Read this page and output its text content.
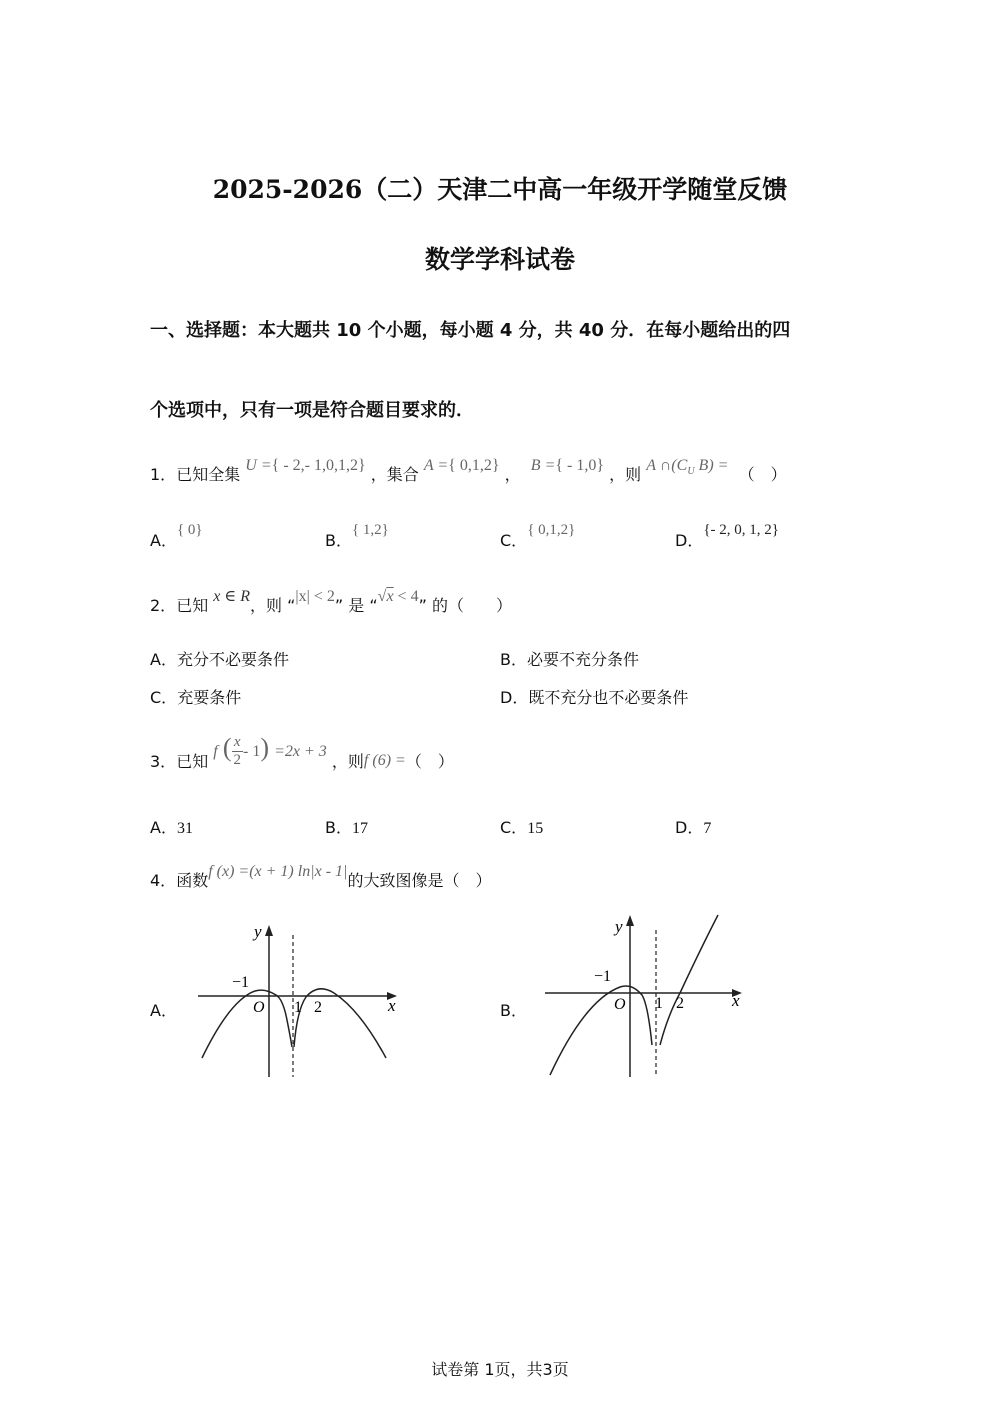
2025-2026（二）天津二中高一年级开学随堂反馈
数学学科试卷
一、选择题：本大题共 10 个小题，每小题 4 分，共 40 分．在每小题给出的四
个选项中，只有一项是符合题目要求的．
1．已知全集 U ={ - 2,- 1,0,1,2} ，集合 A ={ 0,1,2} ， B ={ - 1,0} ，则 A $\cap(C_U$ B) = （　）
A．{ 0}
B．{ 1,2}
C．{ 0,1,2}
D．{- 2, 0, 1, 2}
2．已知 x ∈ R，则 “|x| < 2” 是 “√x < 4” 的（　　）
A．充分不必要条件	B．必要不充分条件
C．充要条件	D．既不充分也不必要条件
3．已知 f ( $\frac{x}{2} - 1) =2x + 3$ ，则f (6) =（　）
A．31	B．17	C．15	D．7
4．函数f (x) =(x + 1) ln|x - 1|的大致图像是（　）
A．
y
x
O
−1
1 2	B．
y
x
O
−1
1 2
试卷第 1页，共3页
